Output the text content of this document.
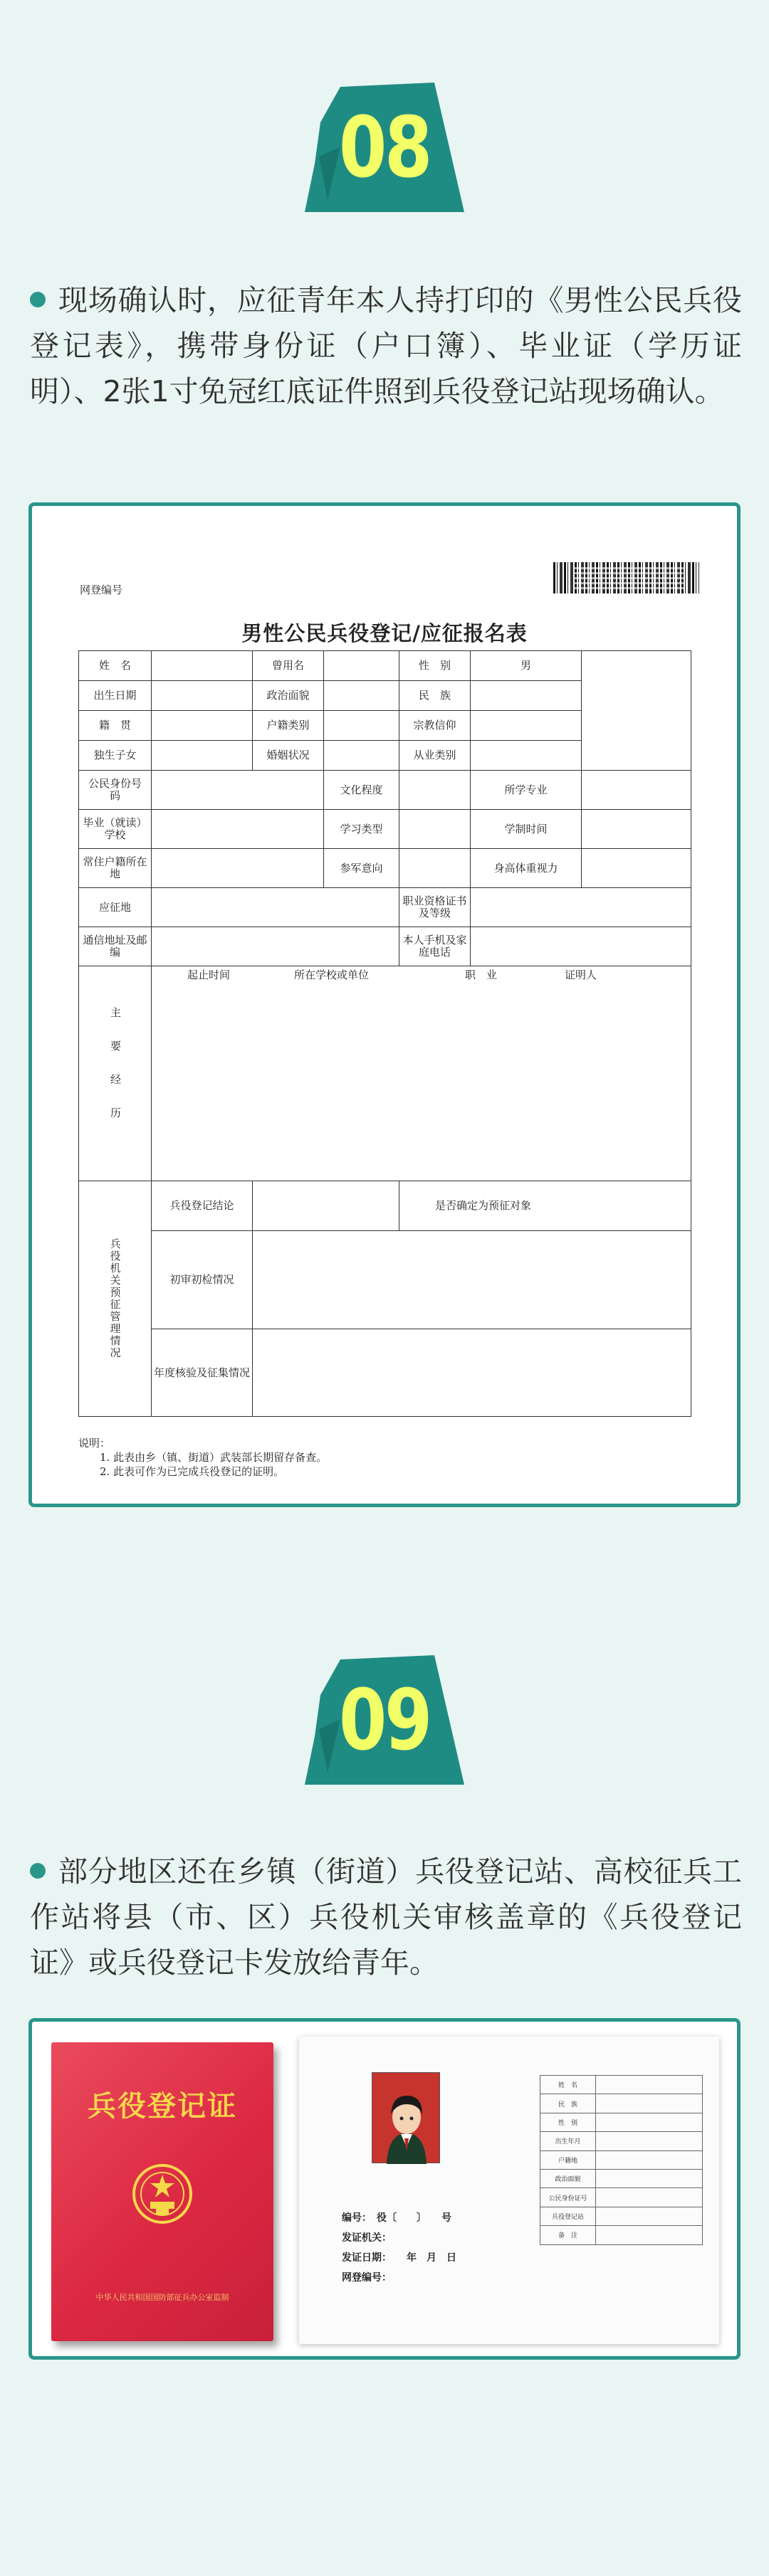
08
现场确认时，应征青年本人持打印的《男性公民兵役登记表》，携带身份证（户口簿）、毕业证（学历证明）、2张1寸免冠红底证件照到兵役登记站现场确认。
网登编号
男性公民兵役登记/应征报名表
姓　名		曾用名		性　别	男	
出生日期		政治面貌		民　族		
籍　贯		户籍类别		宗教信仰		
独生子女		婚姻状况		从业类别		
公民身份号　码			文化程度		所学专业	
毕业（就读）学校			学习类型		学制时间	
常住户籍所在地			参军意向		身高体重视力	
应征地				职业资格证书及等级		
通信地址及邮编				本人手机及家庭电话		

主要经历	起止时间 所在学校或单位 职　业 证明人					

兵役机关预征管理情况	兵役登记结论			是否确定为预征对象		
	初审初检情况					
	年度核验及征集情况					
说明：
1. 此表由乡（镇、街道）武装部长期留存备查。
2. 此表可作为已完成兵役登记的证明。
09
部分地区还在乡镇（街道）兵役登记站、高校征兵工作站将县（市、区）兵役机关审核盖章的《兵役登记证》或兵役登记卡发放给青年。
兵役登记证
中华人民共和国国防部征兵办公室监制
编号：　役〔　　〕　　号
发证机关：
发证日期：　　年　月　日
网登编号：
姓　名	
民　族	
性　别	
出生年月	
户籍地	
政治面貌	
公民身份证号	
兵役登记站	
备　注	
